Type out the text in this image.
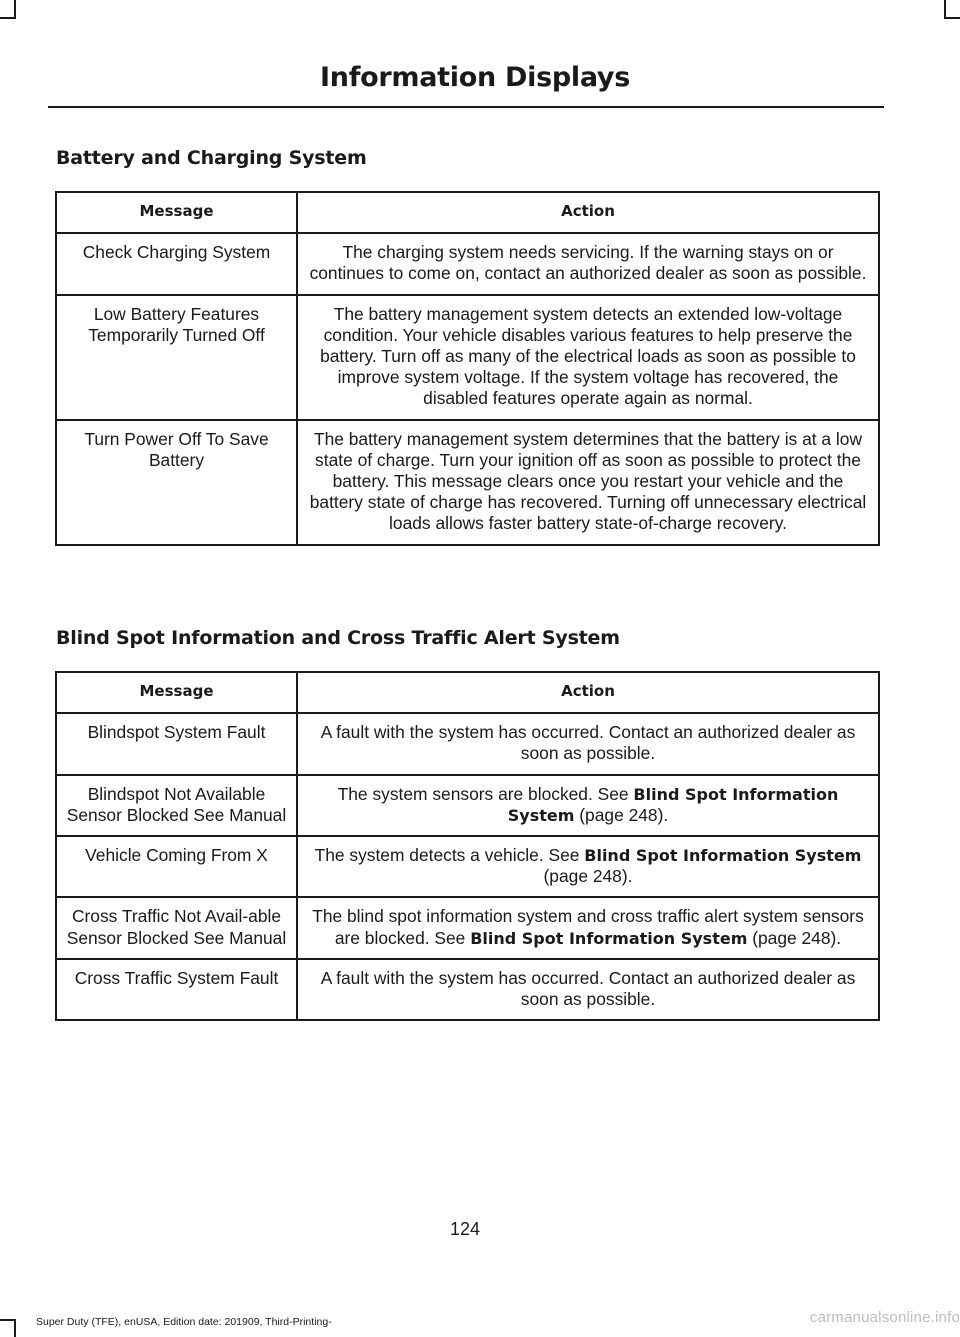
Information Displays
Battery and Charging System
Message	Action
Check Charging System	The charging system needs servicing. If the warning stays on or continues to come on, contact an authorized dealer as soon as possible.
Low Battery Features Temporarily Turned Off	The battery management system detects an extended low-voltage condition. Your vehicle disables various features to help preserve the battery. Turn off as many of the electrical loads as soon as possible to improve system voltage. If the system voltage has recovered, the disabled features operate again as normal.
Turn Power Off To Save Battery	The battery management system determines that the battery is at a low state of charge. Turn your ignition off as soon as possible to protect the battery. This message clears once you restart your vehicle and the battery state of charge has recovered. Turning off unnecessary electrical loads allows faster battery state-of-charge recovery.
Blind Spot Information and Cross Traffic Alert System
Message	Action
Blindspot System Fault	A fault with the system has occurred. Contact an authorized dealer as soon as possible.
Blindspot Not Available Sensor Blocked See Manual	The system sensors are blocked. See Blind Spot Information System (page 248).
Vehicle Coming From X	The system detects a vehicle. See Blind Spot Information System (page 248).
Cross Traffic Not Avail-able Sensor Blocked See Manual	The blind spot information system and cross traffic alert system sensors are blocked. See Blind Spot Information System (page 248).
Cross Traffic System Fault	A fault with the system has occurred. Contact an authorized dealer as soon as possible.
124
Super Duty (TFE), enUSA, Edition date: 201909, Third-Printing-	carmanualsonline.info
